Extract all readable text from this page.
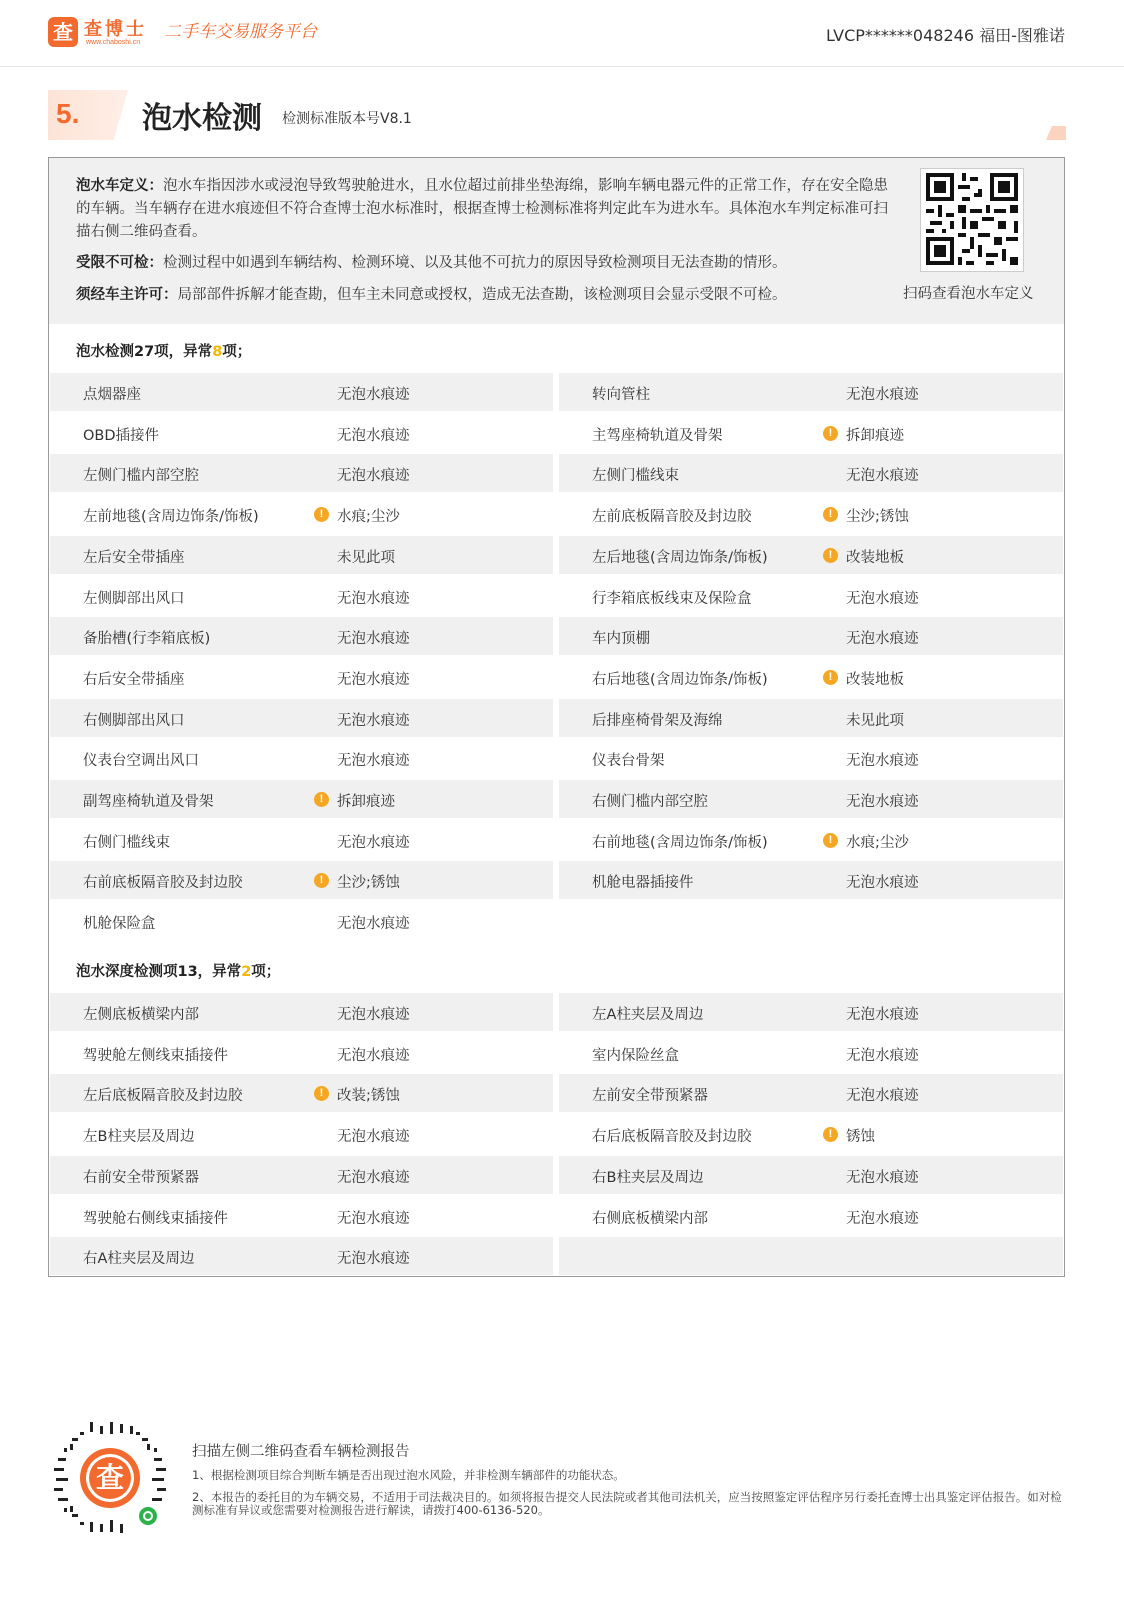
查 查博士
www.chaboshi.cn
二手车交易服务平台	LVCP******048246 福田-图雅诺
5. 泡水检测 检测标准版本号V8.1
泡水车定义：泡水车指因涉水或浸泡导致驾驶舱进水，且水位超过前排坐垫海绵，影响车辆电器元件的正常工作，存在安全隐患的车辆。当车辆存在进水痕迹但不符合查博士泡水标准时，根据查博士检测标准将判定此车为进水车。具体泡水车判定标准可扫描右侧二维码查看。
受限不可检：检测过程中如遇到车辆结构、检测环境、以及其他不可抗力的原因导致检测项目无法查勘的情形。
须经车主许可：局部部件拆解才能查勘，但车主未同意或授权，造成无法查勘，该检测项目会显示受限不可检。	扫码查看泡水车定义
泡水检测27项，异常8项；
点烟器座	无泡水痕迹	转向管柱	无泡水痕迹
OBD插接件	无泡水痕迹	主驾座椅轨道及骨架	! 拆卸痕迹
左侧门槛内部空腔	无泡水痕迹	左侧门槛线束	无泡水痕迹
左前地毯(含周边饰条/饰板)	! 水痕;尘沙	左前底板隔音胶及封边胶	! 尘沙;锈蚀
左后安全带插座	未见此项	左后地毯(含周边饰条/饰板)	! 改装地板
左侧脚部出风口	无泡水痕迹	行李箱底板线束及保险盒	无泡水痕迹
备胎槽(行李箱底板)	无泡水痕迹	车内顶棚	无泡水痕迹
右后安全带插座	无泡水痕迹	右后地毯(含周边饰条/饰板)	! 改装地板
右侧脚部出风口	无泡水痕迹	后排座椅骨架及海绵	未见此项
仪表台空调出风口	无泡水痕迹	仪表台骨架	无泡水痕迹
副驾座椅轨道及骨架	! 拆卸痕迹	右侧门槛内部空腔	无泡水痕迹
右侧门槛线束	无泡水痕迹	右前地毯(含周边饰条/饰板)	! 水痕;尘沙
右前底板隔音胶及封边胶	! 尘沙;锈蚀	机舱电器插接件	无泡水痕迹
机舱保险盒	无泡水痕迹
泡水深度检测项13，异常2项；
左侧底板横梁内部	无泡水痕迹	左A柱夹层及周边	无泡水痕迹
驾驶舱左侧线束插接件	无泡水痕迹	室内保险丝盒	无泡水痕迹
左后底板隔音胶及封边胶	! 改装;锈蚀	左前安全带预紧器	无泡水痕迹
左B柱夹层及周边	无泡水痕迹	右后底板隔音胶及封边胶	! 锈蚀
右前安全带预紧器	无泡水痕迹	右B柱夹层及周边	无泡水痕迹
驾驶舱右侧线束插接件	无泡水痕迹	右侧底板横梁内部	无泡水痕迹
右A柱夹层及周边	无泡水痕迹
查
扫描左侧二维码查看车辆检测报告
1、根据检测项目综合判断车辆是否出现过泡水风险，并非检测车辆部件的功能状态。
2、本报告的委托目的为车辆交易，不适用于司法裁决目的。如须将报告提交人民法院或者其他司法机关，应当按照鉴定评估程序另行委托查博士出具鉴定评估报告。如对检测标准有异议或您需要对检测报告进行解读，请拨打400-6136-520。
